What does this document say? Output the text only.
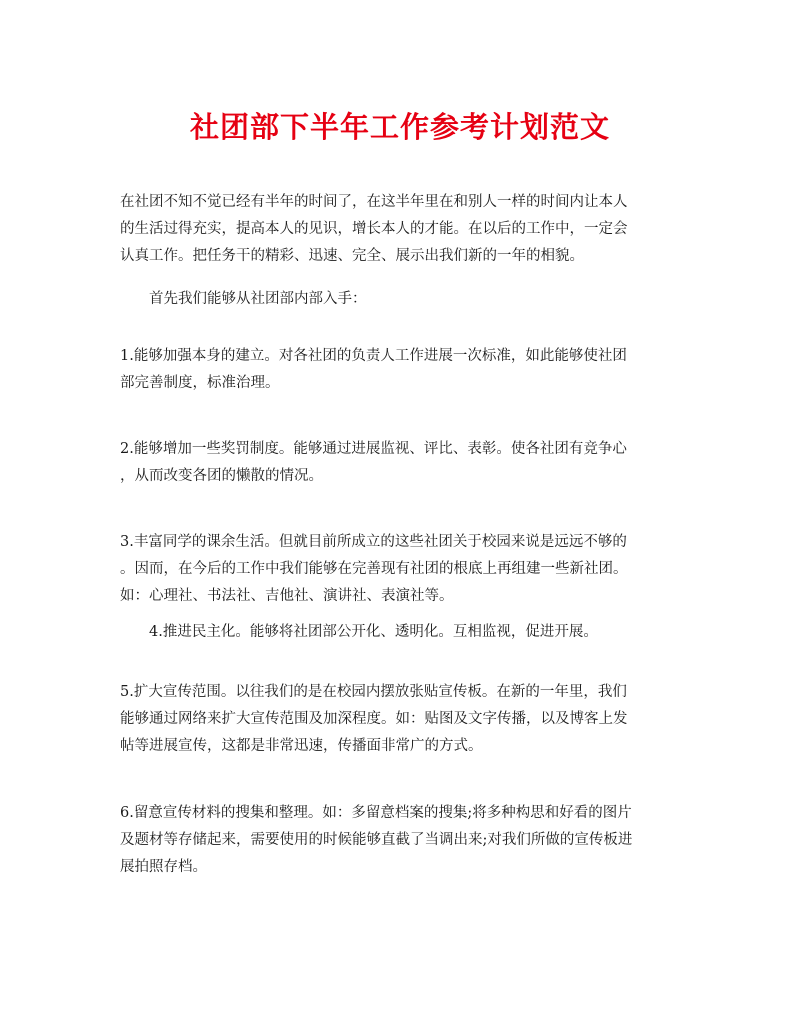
社团部下半年工作参考计划范文
在社团不知不觉已经有半年的时间了，在这半年里在和别人一样的时间内让本人
的生活过得充实，提高本人的见识，增长本人的才能。在以后的工作中，一定会
认真工作。把任务干的精彩、迅速、完全、展示出我们新的一年的相貌。
首先我们能够从社团部内部入手：
1.能够加强本身的建立。对各社团的负责人工作进展一次标准，如此能够使社团
部完善制度，标准治理。
2.能够增加一些奖罚制度。能够通过进展监视、评比、表彰。使各社团有竞争心
，从而改变各团的懒散的情况。
3.丰富同学的课余生活。但就目前所成立的这些社团关于校园来说是远远不够的
。因而，在今后的工作中我们能够在完善现有社团的根底上再组建一些新社团。
如：心理社、书法社、吉他社、演讲社、表演社等。
4.推进民主化。能够将社团部公开化、透明化。互相监视，促进开展。
5.扩大宣传范围。以往我们的是在校园内摆放张贴宣传板。在新的一年里，我们
能够通过网络来扩大宣传范围及加深程度。如：贴图及文字传播，以及博客上发
帖等进展宣传，这都是非常迅速，传播面非常广的方式。
6.留意宣传材料的搜集和整理。如：多留意档案的搜集;将多种构思和好看的图片
及题材等存储起来，需要使用的时候能够直截了当调出来;对我们所做的宣传板进
展拍照存档。
